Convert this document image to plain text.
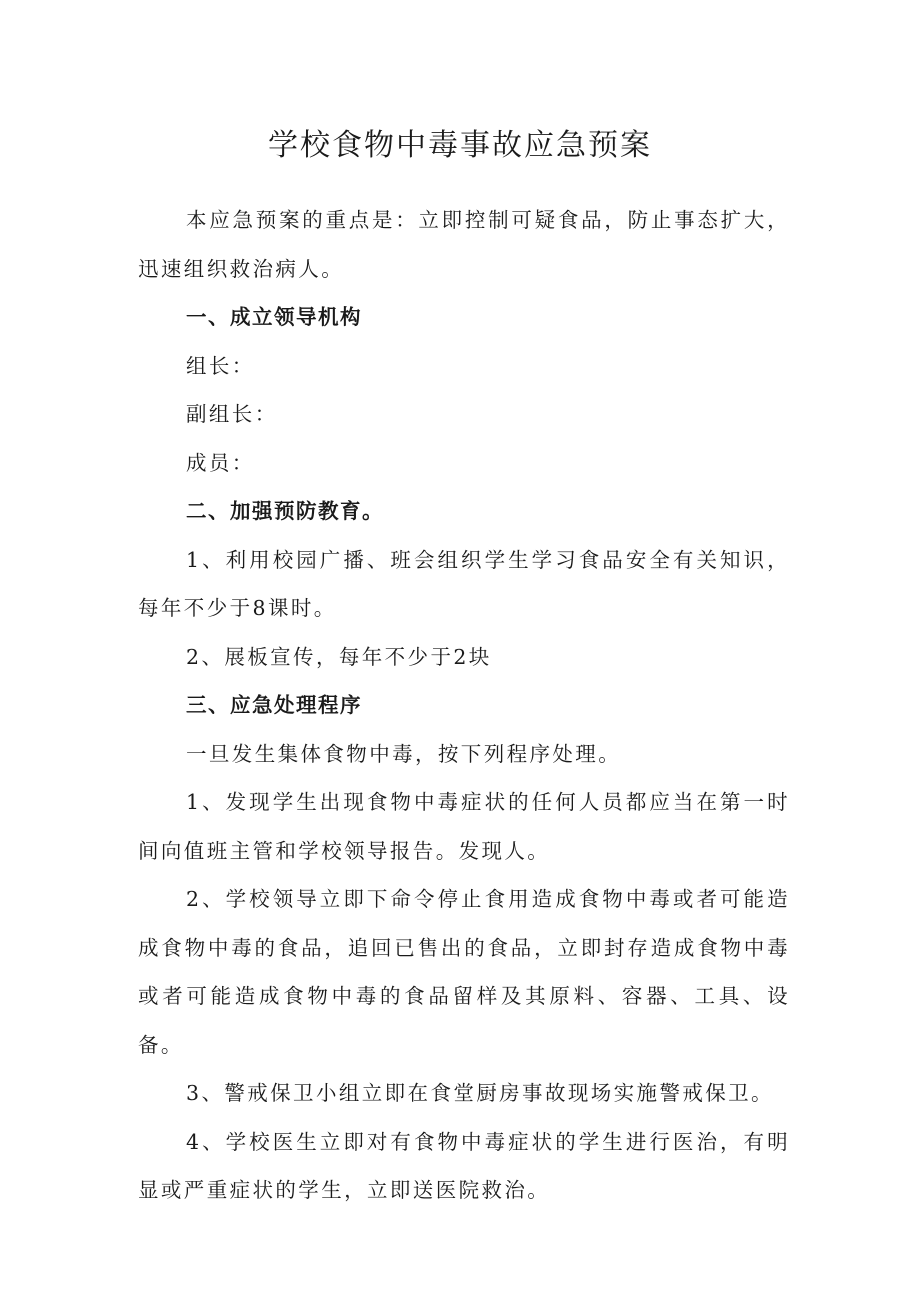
学校食物中毒事故应急预案

本应急预案的重点是：立即控制可疑食品，防止事态扩大，迅速组织救治病人。

一、成立领导机构

组长：

副组长：

成员：

二、加强预防教育。

1、利用校园广播、班会组织学生学习食品安全有关知识，每年不少于8课时。

2、展板宣传，每年不少于2块

三、应急处理程序

一旦发生集体食物中毒，按下列程序处理。

1、发现学生出现食物中毒症状的任何人员都应当在第一时间向值班主管和学校领导报告。发现人。

2、学校领导立即下命令停止食用造成食物中毒或者可能造成食物中毒的食品，追回已售出的食品，立即封存造成食物中毒或者可能造成食物中毒的食品留样及其原料、容器、工具、设备。

3、警戒保卫小组立即在食堂厨房事故现场实施警戒保卫。

4、学校医生立即对有食物中毒症状的学生进行医治，有明显或严重症状的学生，立即送医院救治。
